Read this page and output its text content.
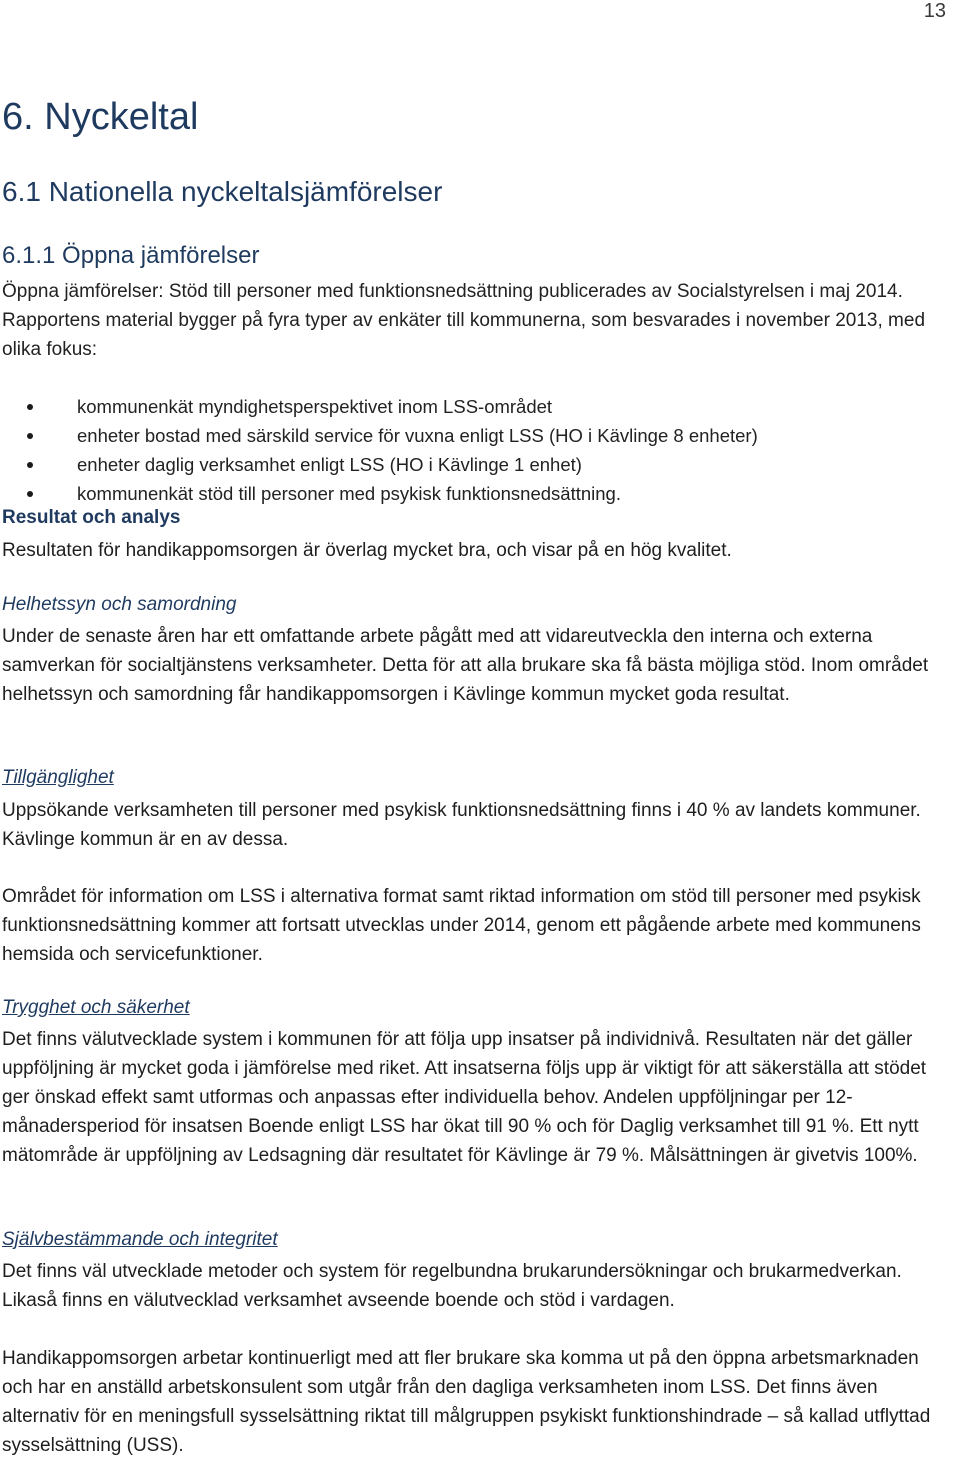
13
6. Nyckeltal
6.1 Nationella nyckeltalsjämförelser
6.1.1 Öppna jämförelser

Öppna jämförelser: Stöd till personer med funktionsnedsättning publicerades av Socialstyrelsen i maj 2014. Rapportens material bygger på fyra typer av enkäter till kommunerna, som besvarades i november 2013, med olika fokus:

kommunenkät myndighetsperspektivet inom LSS-området
enheter bostad med särskild service för vuxna enligt LSS (HO i Kävlinge 8 enheter)
enheter daglig verksamhet enligt LSS (HO i Kävlinge 1 enhet)
kommunenkät stöd till personer med psykisk funktionsnedsättning.

Resultat och analys

Resultaten för handikappomsorgen är överlag mycket bra, och visar på en hög kvalitet.

Helhetssyn och samordning

Under de senaste åren har ett omfattande arbete pågått med att vidareutveckla den interna och externa samverkan för socialtjänstens verksamheter. Detta för att alla brukare ska få bästa möjliga stöd. Inom området helhetssyn och samordning får handikappomsorgen i Kävlinge kommun mycket goda resultat.

Tillgänglighet

Uppsökande verksamheten till personer med psykisk funktionsnedsättning finns i 40 % av landets kommuner. Kävlinge kommun är en av dessa.

Området för information om LSS i alternativa format samt riktad information om stöd till personer med psykisk funktionsnedsättning kommer att fortsatt utvecklas under 2014, genom ett pågående arbete med kommunens hemsida och servicefunktioner.

Trygghet och säkerhet

Det finns välutvecklade system i kommunen för att följa upp insatser på individnivå. Resultaten när det gäller uppföljning är mycket goda i jämförelse med riket. Att insatserna följs upp är viktigt för att säkerställa att stödet ger önskad effekt samt utformas och anpassas efter individuella behov. Andelen uppföljningar per 12-månadersperiod för insatsen Boende enligt LSS har ökat till 90 % och för Daglig verksamhet till 91 %. Ett nytt mätområde är uppföljning av Ledsagning där resultatet för Kävlinge är 79 %. Målsättningen är givetvis 100%.

Självbestämmande och integritet

Det finns väl utvecklade metoder och system för regelbundna brukarundersökningar och brukarmedverkan. Likaså finns en välutvecklad verksamhet avseende boende och stöd i vardagen.

Handikappomsorgen arbetar kontinuerligt med att fler brukare ska komma ut på den öppna arbetsmarknaden och har en anställd arbetskonsulent som utgår från den dagliga verksamheten inom LSS. Det finns även alternativ för en meningsfull sysselsättning riktat till målgruppen psykiskt funktionshindrade – så kallad utflyttad sysselsättning (USS).
